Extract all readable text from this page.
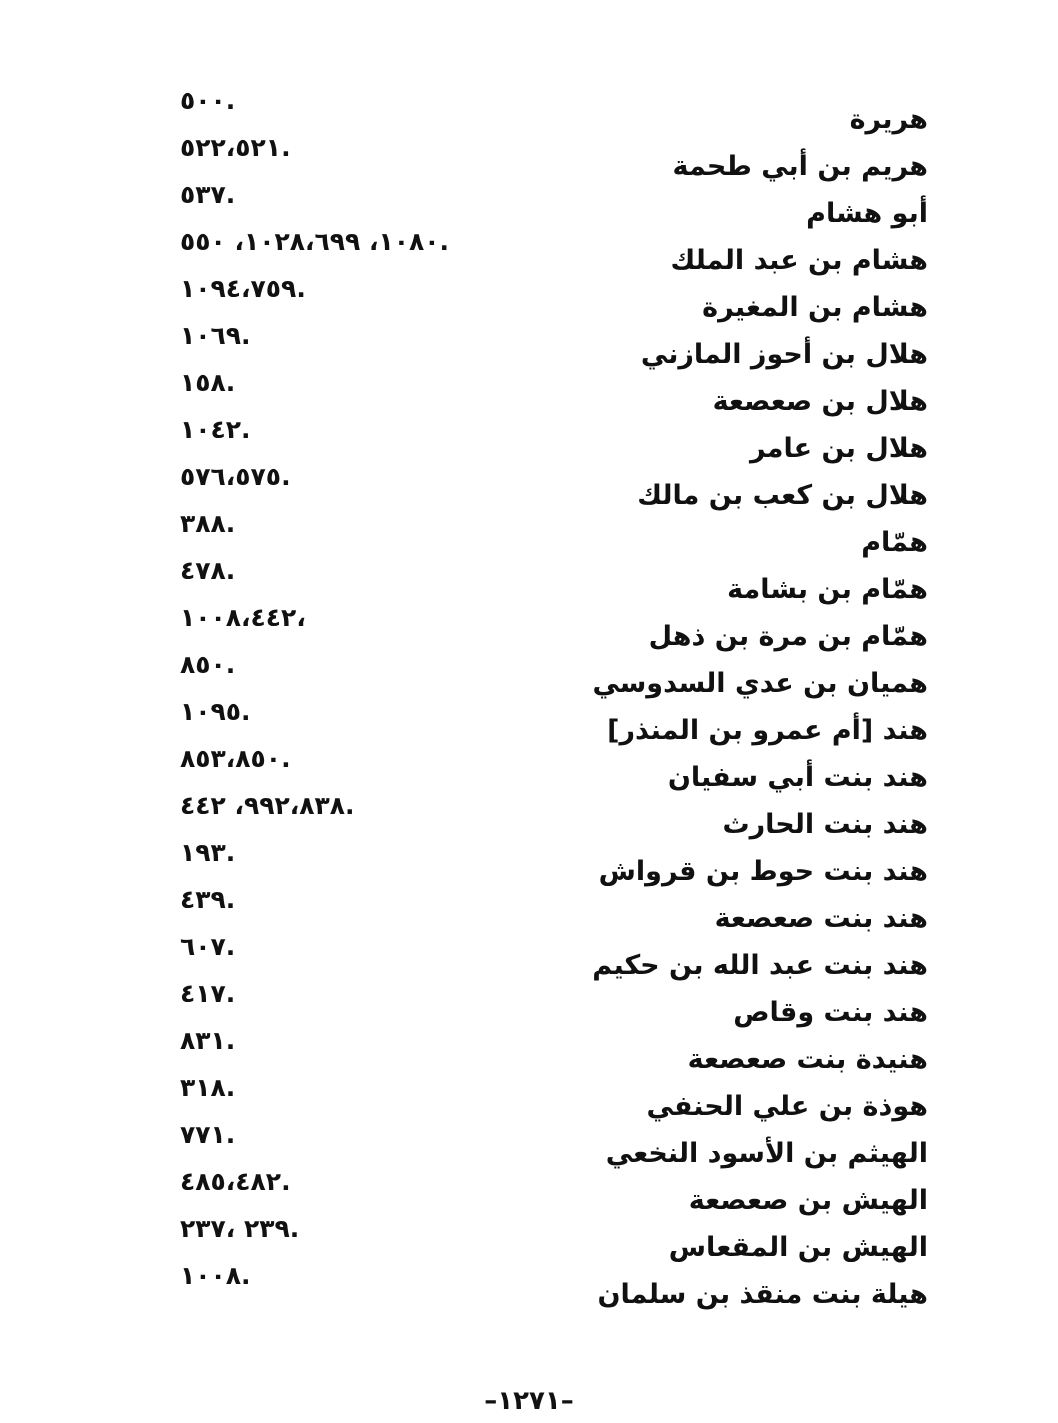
هريرة
.٥٠٠
هريم بن أبي طحمة
.٥٢٢،٥٢١
أبو هشام
.٥٣٧
هشام بن عبد الملك
.١٠٨٠، ١٠٢٨،٦٩٩، ٥٥٠
هشام بن المغيرة
.١٠٩٤،٧٥٩
هلال بن أحوز المازني
.١٠٦٩
هلال بن صعصعة
.١٥٨
هلال بن عامر
.١٠٤٢
هلال بن كعب بن مالك
.٥٧٦،٥٧٥
همّام
.٣٨٨
همّام بن بشامة
.٤٧٨
همّام بن مرة بن ذهل
،١٠٠٨،٤٤٢
هميان بن عدي السدوسي
.٨٥٠
هند [أم عمرو بن المنذر]
.١٠٩٥
هند بنت أبي سفيان
.٨٥٣،٨٥٠
هند بنت الحارث
.٩٩٢،٨٣٨، ٤٤٢
هند بنت حوط بن قرواش
.١٩٣
هند بنت صعصعة
.٤٣٩
هند بنت عبد الله بن حكيم
.٦٠٧
هند بنت وقاص
.٤١٧
هنيدة بنت صعصعة
.٨٣١
هوذة بن علي الحنفي
.٣١٨
الهيثم بن الأسود النخعي
.٧٧١
الهيش بن صعصعة
.٤٨٥،٤٨٢
الهيش بن المقعاس
.٢٣٩ ،٢٣٧
هيلة بنت منقذ بن سلمان
.١٠٠٨
–١٢٧١–
